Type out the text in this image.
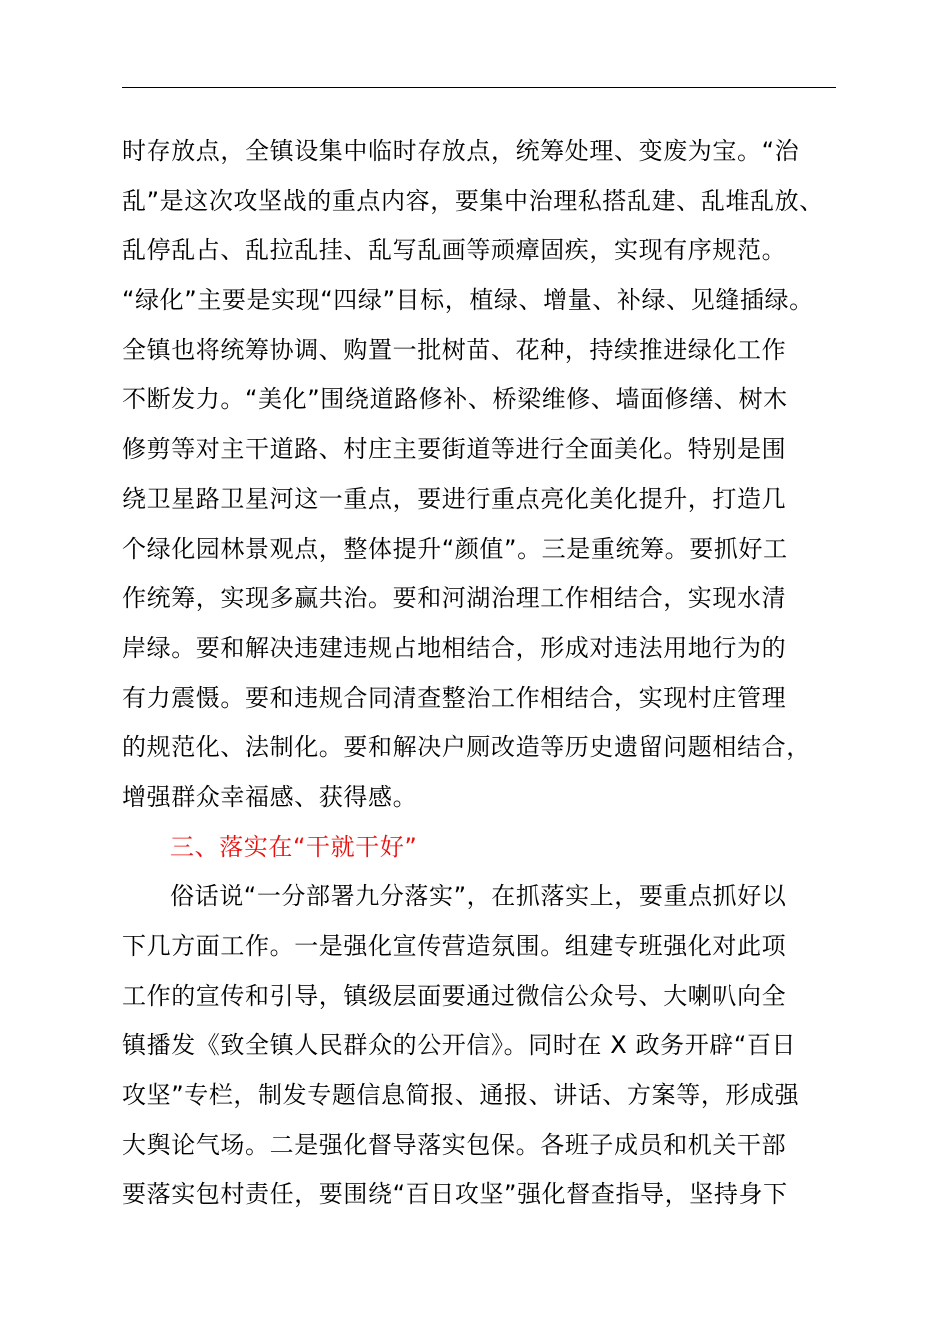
时存放点，全镇设集中临时存放点，统筹处理、变废为宝。“治
乱”是这次攻坚战的重点内容，要集中治理私搭乱建、乱堆乱放、
乱停乱占、乱拉乱挂、乱写乱画等顽瘴固疾，实现有序规范。
“绿化”主要是实现“四绿”目标，植绿、增量、补绿、见缝插绿。
全镇也将统筹协调、购置一批树苗、花种，持续推进绿化工作
不断发力。“美化”围绕道路修补、桥梁维修、墙面修缮、树木
修剪等对主干道路、村庄主要街道等进行全面美化。特别是围
绕卫星路卫星河这一重点，要进行重点亮化美化提升，打造几
个绿化园林景观点，整体提升“颜值”。三是重统筹。要抓好工
作统筹，实现多赢共治。要和河湖治理工作相结合，实现水清
岸绿。要和解决违建违规占地相结合，形成对违法用地行为的
有力震慑。要和违规合同清查整治工作相结合，实现村庄管理
的规范化、法制化。要和解决户厕改造等历史遗留问题相结合，
增强群众幸福感、获得感。
三、落实在“干就干好”
俗话说“一分部署九分落实”，在抓落实上，要重点抓好以
下几方面工作。一是强化宣传营造氛围。组建专班强化对此项
工作的宣传和引导，镇级层面要通过微信公众号、大喇叭向全
镇播发《致全镇人民群众的公开信》。同时在 X 政务开辟“百日
攻坚”专栏，制发专题信息简报、通报、讲话、方案等，形成强
大舆论气场。二是强化督导落实包保。各班子成员和机关干部
要落实包村责任，要围绕“百日攻坚”强化督查指导，坚持身下
